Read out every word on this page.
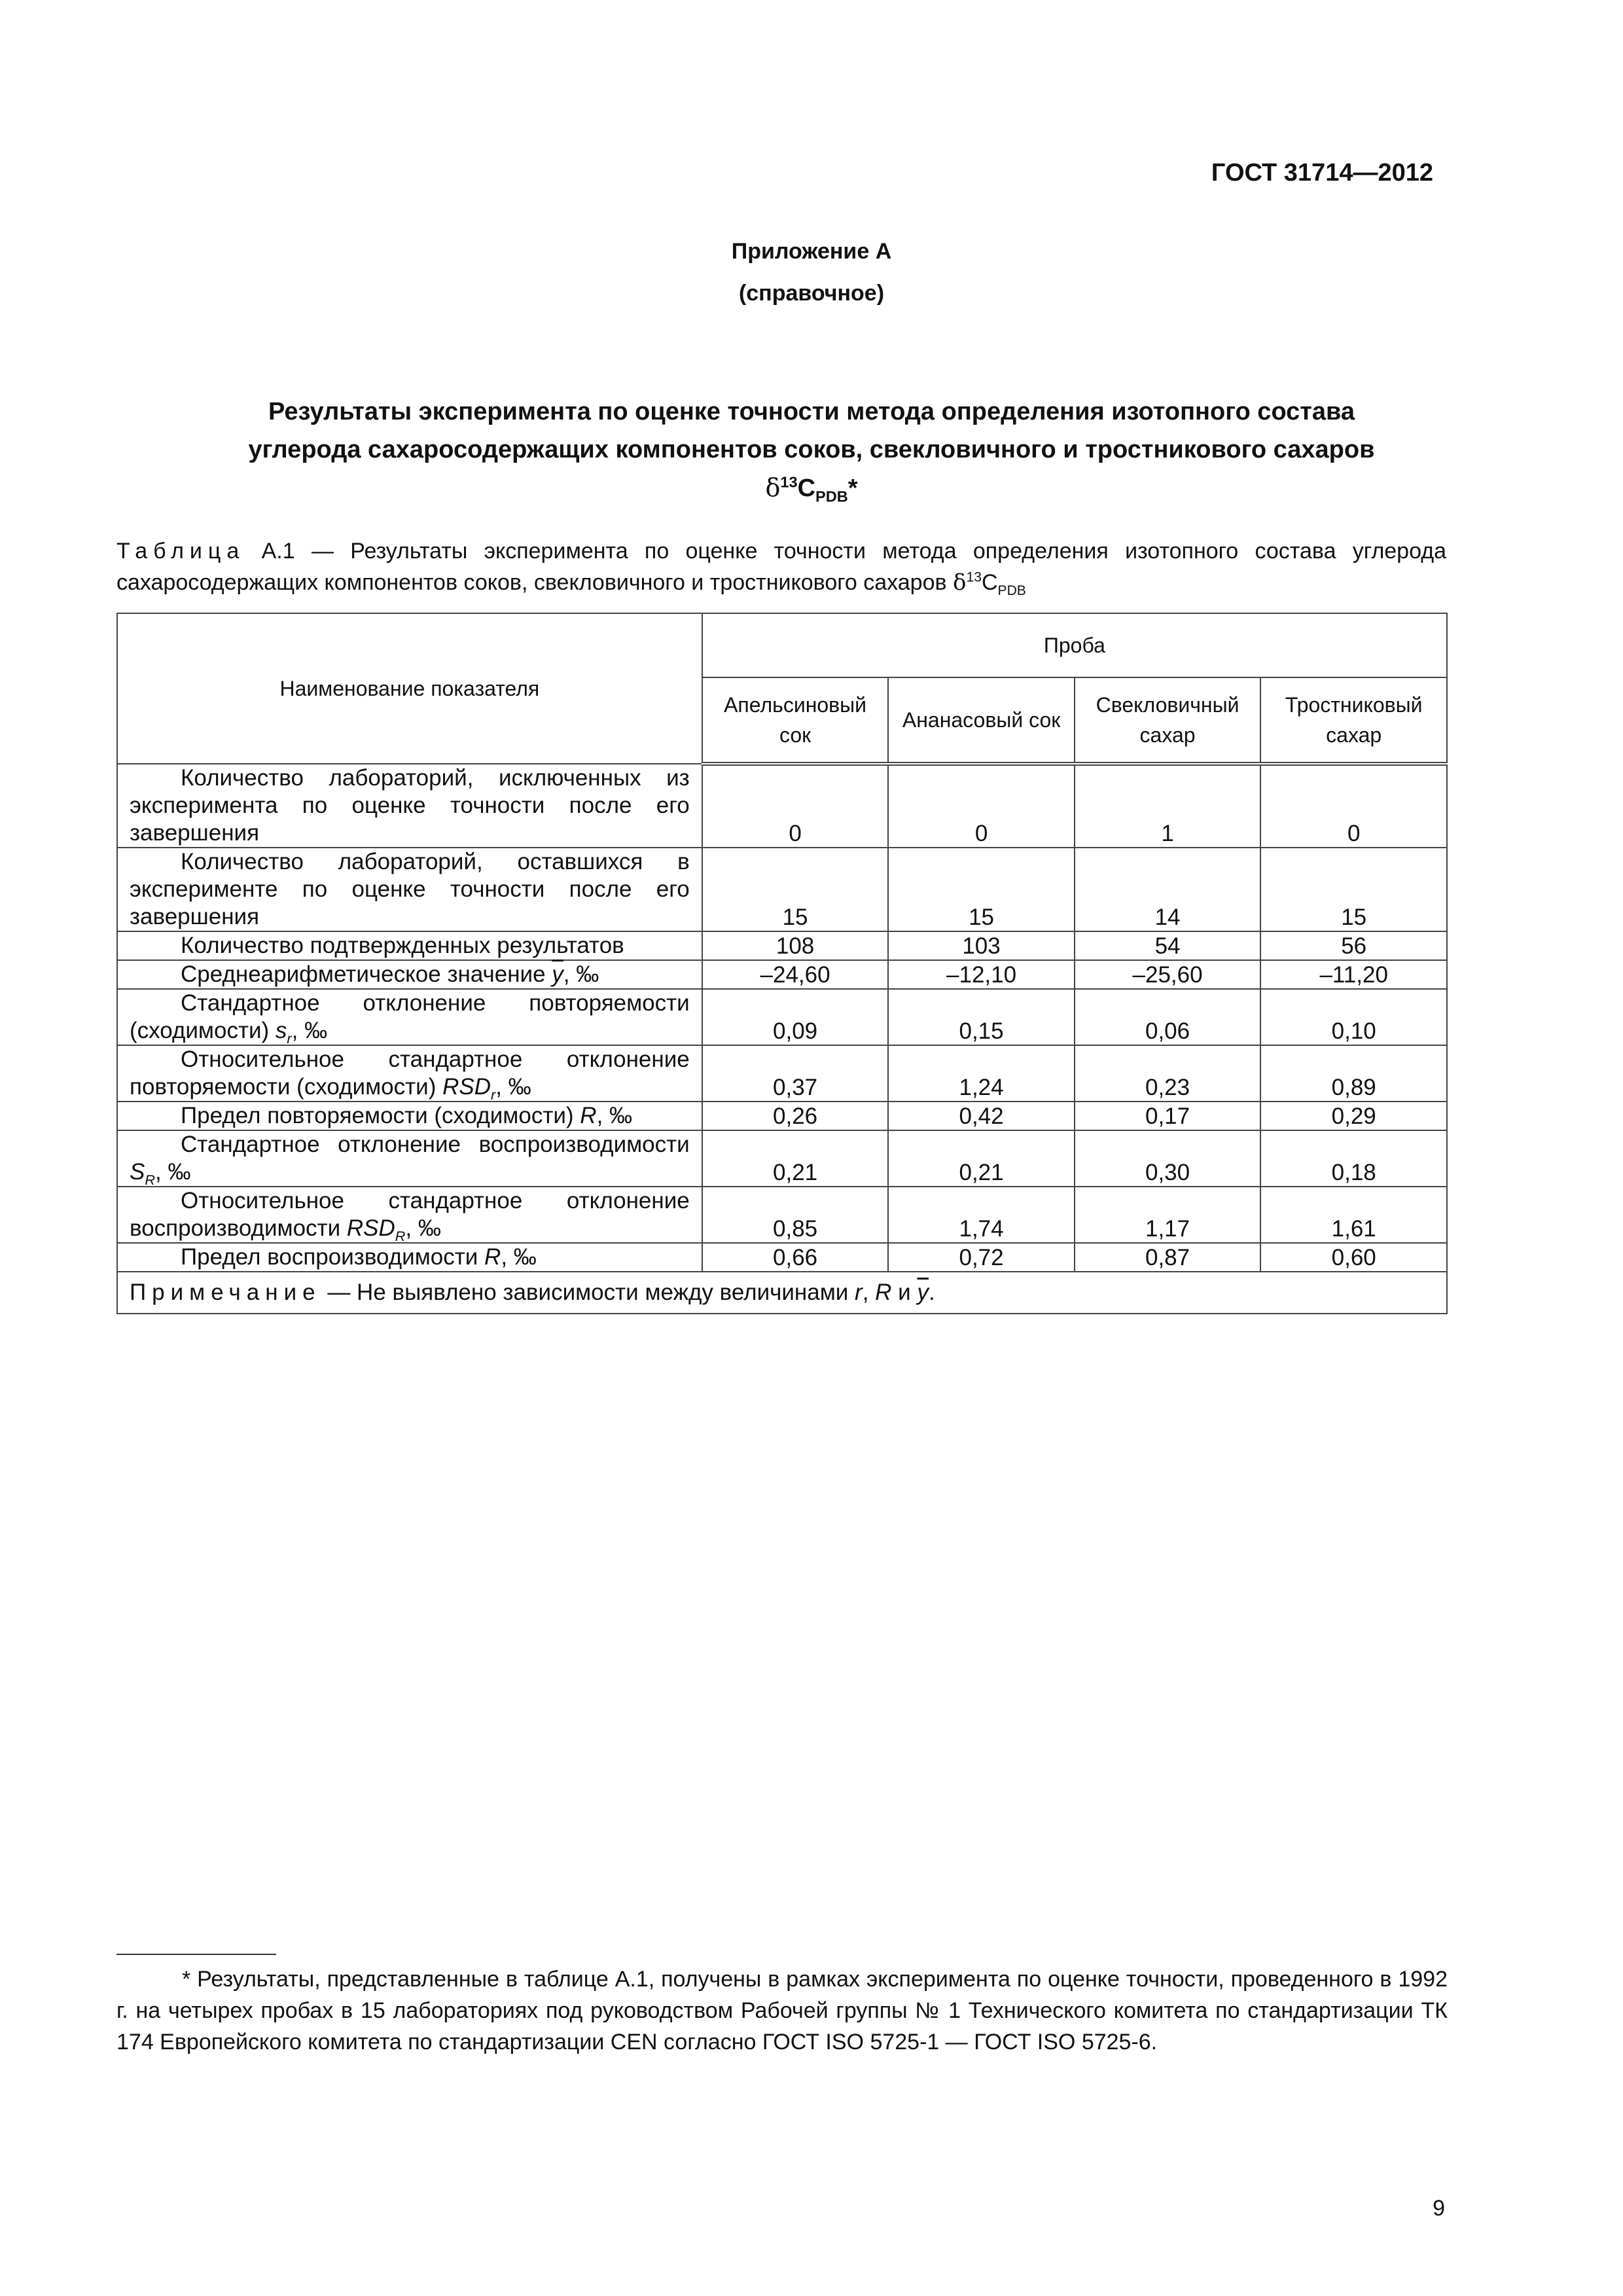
ГОСТ 31714—2012
Приложение А
(справочное)
Результаты эксперимента по оценке точности метода определения изотопного состава
углерода сахаросодержащих компонентов соков, свекловичного и тростникового сахаров
$\delta^{13}C_{PDB}*$
Таблица А.1 — Результаты эксперимента по оценке точности метода определения изотопного состава углерода сахаросодержащих компонентов соков, свекловичного и тростникового сахаров $\delta^{13}C_{PDB}$
Наименование показателя	Проба			
	Апельсиновый сок	Ананасовый сок	Свекловичный сахар	Тростниковый сахар

Количество лабораторий, исключенных из эксперимента по оценке точности после его завершения	0	0	1	0

Количество лабораторий, оставшихся в эксперименте по оценке точности после его завершения	15	15	14	15

Количество подтвержденных результатов	108	103	54	56

Среднеарифметическое значение $\overline{y}$, ‰	–24,60	–12,10	–25,60	–11,20

Стандартное отклонение повторяемости (сходимости) $s_r$, ‰	0,09	0,15	0,06	0,10

Относительное стандартное отклонение повторяемости (сходимости) $RSD_r$, ‰	0,37	1,24	0,23	0,89

Предел повторяемости (сходимости) R, ‰	0,26	0,42	0,17	0,29

Стандартное отклонение воспроизводимости $S_R$, ‰	0,21	0,21	0,30	0,18

Относительное стандартное отклонение воспроизводимости $RSD_R$, ‰	0,85	1,74	1,17	1,61

Предел воспроизводимости R, ‰	0,66	0,72	0,87	0,60
Примечание — Не выявлено зависимости между величинами r, R и $\overline{y}$.				
* Результаты, представленные в таблице А.1, получены в рамках эксперимента по оценке точности, проведенного в 1992 г. на четырех пробах в 15 лабораториях под руководством Рабочей группы № 1 Технического комитета по стандартизации ТК 174 Европейского комитета по стандартизации CEN согласно ГОСТ ISO 5725-1 — ГОСТ ISO 5725-6.
9
